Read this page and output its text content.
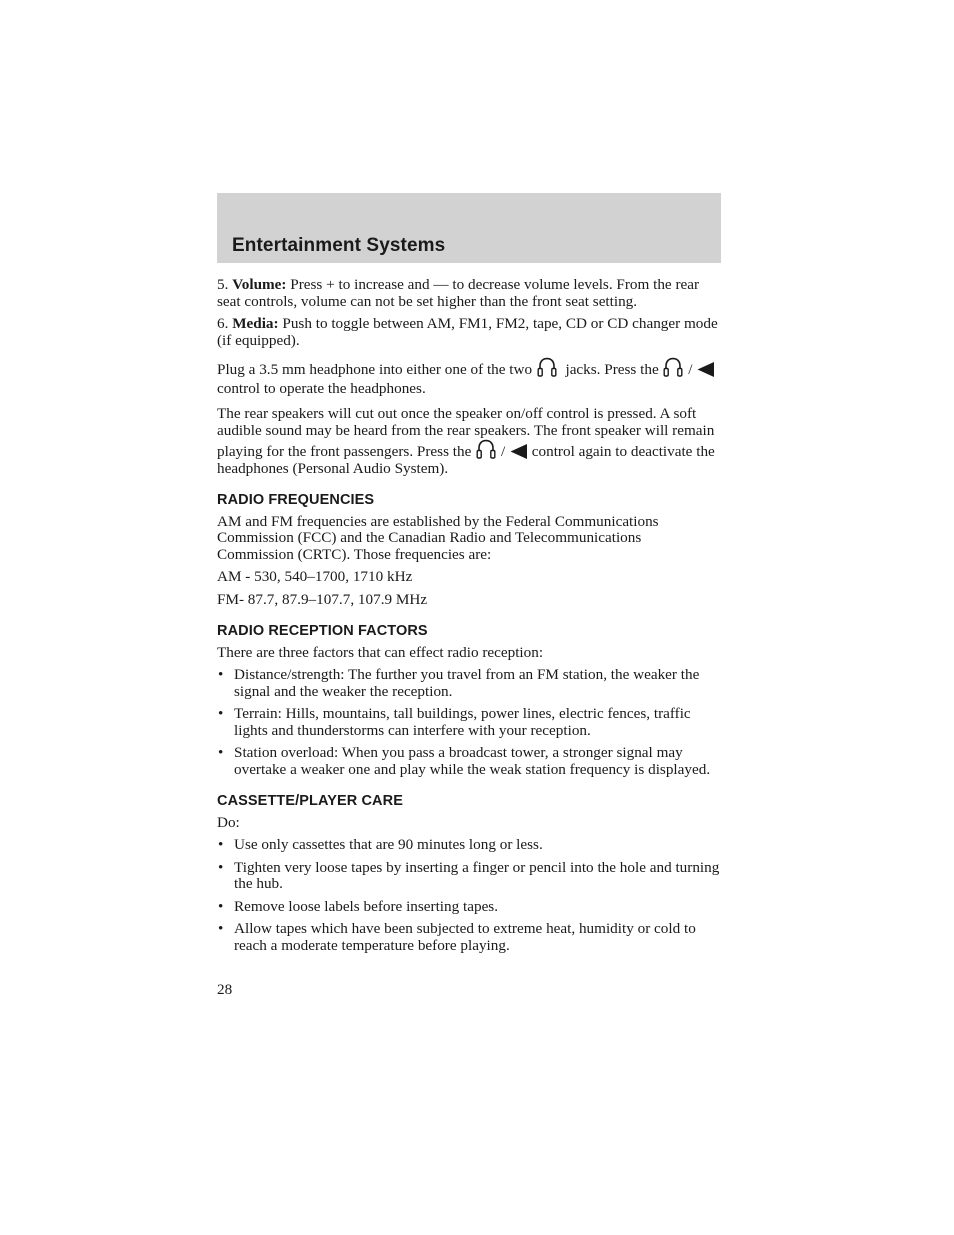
Entertainment Systems

5. Volume: Press + to increase and — to decrease volume levels. From the rear seat controls, volume can not be set higher than the front seat setting.

6. Media: Push to toggle between AM, FM1, FM2, tape, CD or CD changer mode (if equipped).

Plug a 3.5 mm headphone into either one of the two jacks. Press the /
control to operate the headphones.

The rear speakers will cut out once the speaker on/off control is pressed. A soft audible sound may be heard from the rear speakers. The front speaker will remain playing for the front passengers. Press the / control again to deactivate the headphones (Personal Audio System).

RADIO FREQUENCIES

AM and FM frequencies are established by the Federal Communications Commission (FCC) and the Canadian Radio and Telecommunications Commission (CRTC). Those frequencies are:

AM - 530, 540–1700, 1710 kHz

FM- 87.7, 87.9–107.7, 107.9 MHz

RADIO RECEPTION FACTORS

There are three factors that can effect radio reception:

• Distance/strength: The further you travel from an FM station, the weaker the signal and the weaker the reception.
• Terrain: Hills, mountains, tall buildings, power lines, electric fences, traffic lights and thunderstorms can interfere with your reception.
• Station overload: When you pass a broadcast tower, a stronger signal may overtake a weaker one and play while the weak station frequency is displayed.
CASSETTE/PLAYER CARE

Do:

• Use only cassettes that are 90 minutes long or less.
• Tighten very loose tapes by inserting a finger or pencil into the hole and turning the hub.
• Remove loose labels before inserting tapes.
• Allow tapes which have been subjected to extreme heat, humidity or cold to reach a moderate temperature before playing.
28
